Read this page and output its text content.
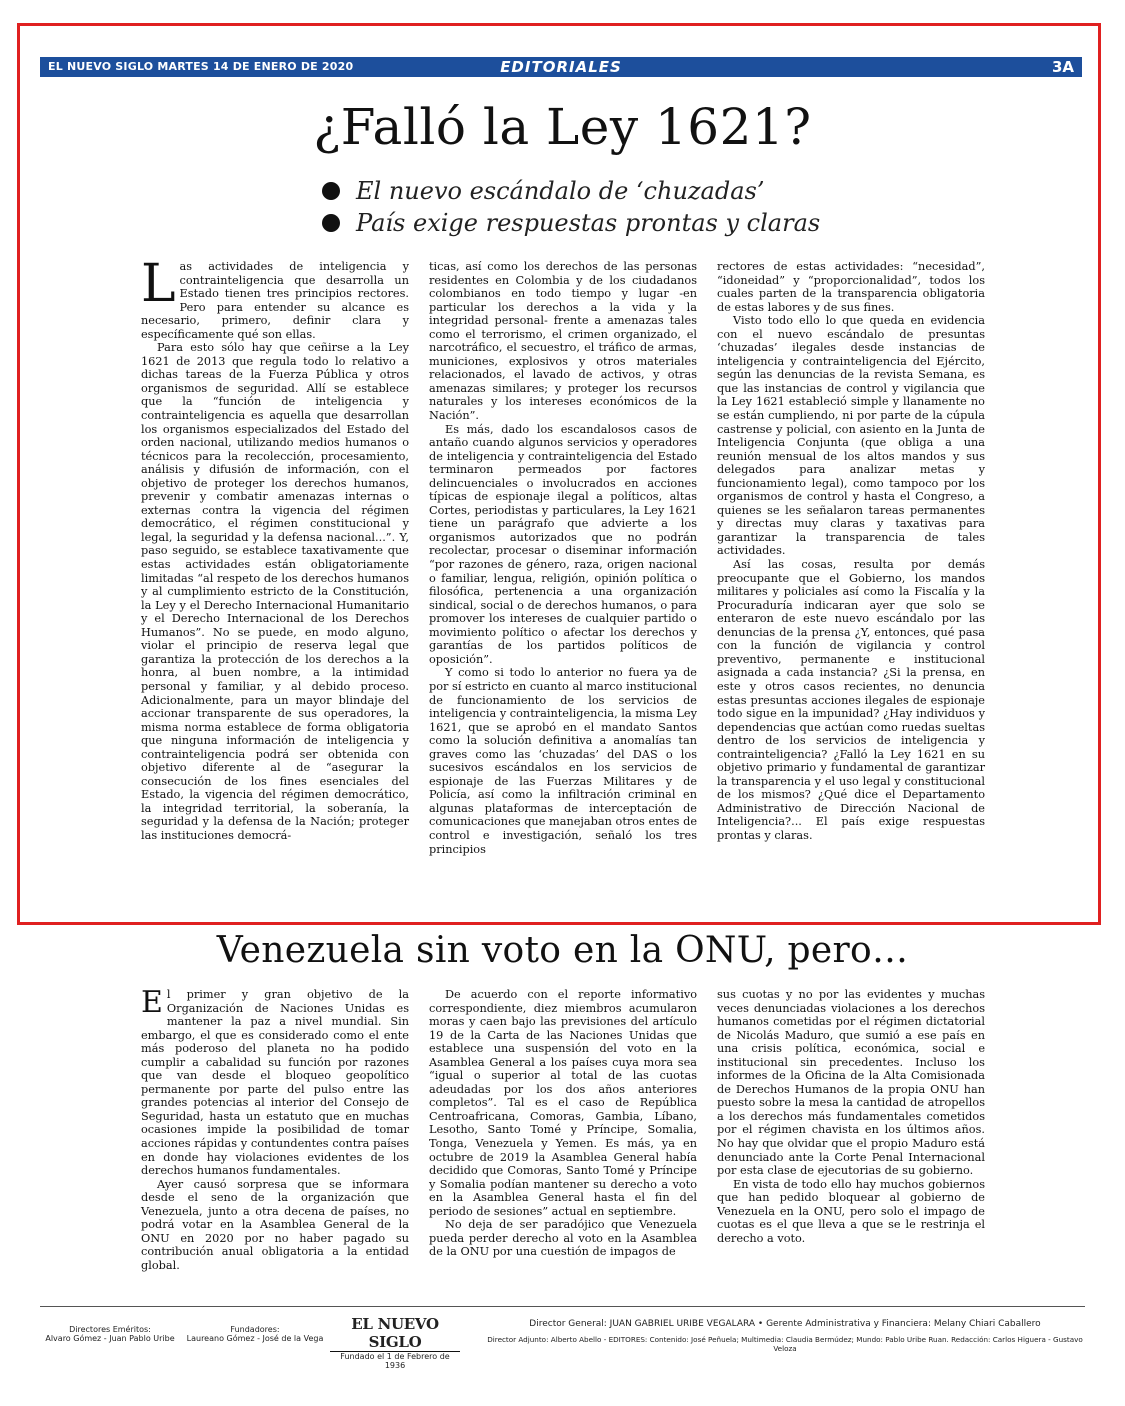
EL NUEVO SIGLO MARTES 14 DE ENERO DE 2020	EDITORIALES	3A
¿Falló la Ley 1621?
El nuevo escándalo de ‘chuzadas’
País exige respuestas prontas y claras

Las actividades de inteligencia y contrainteligencia que desarrolla un Estado tienen tres principios rectores. Pero para entender su alcance es necesario, primero, definir clara y específicamente qué son ellas.

Para esto sólo hay que ceñirse a la Ley 1621 de 2013 que regula todo lo relativo a dichas tareas de la Fuerza Pública y otros organismos de seguridad. Allí se establece que la “función de inteligencia y contrainteligencia es aquella que desarrollan los organismos especializados del Estado del orden nacional, utilizando medios humanos o técnicos para la recolección, procesamiento, análisis y difusión de información, con el objetivo de proteger los derechos humanos, prevenir y combatir amenazas internas o externas contra la vigencia del régimen democrático, el régimen constitucional y legal, la seguridad y la defensa nacional...”. Y, paso seguido, se establece taxativamente que estas actividades están obligatoriamente limitadas “al respeto de los derechos humanos y al cumplimiento estricto de la Constitución, la Ley y el Derecho Internacional Humanitario y el Derecho Internacional de los Derechos Humanos”. No se puede, en modo alguno, violar el principio de reserva legal que garantiza la protección de los derechos a la honra, al buen nombre, a la intimidad personal y familiar, y al debido proceso. Adicionalmente, para un mayor blindaje del accionar transparente de sus operadores, la misma norma establece de forma obligatoria que ninguna información de inteligencia y contrainteligencia podrá ser obtenida con objetivo diferente al de “asegurar la consecución de los fines esenciales del Estado, la vigencia del régimen democrático, la integridad territorial, la soberanía, la seguridad y la defensa de la Nación; proteger las instituciones democrá-

ticas, así como los derechos de las personas residentes en Colombia y de los ciudadanos colombianos en todo tiempo y lugar -en particular los derechos a la vida y la integridad personal- frente a amenazas tales como el terrorismo, el crimen organizado, el narcotráfico, el secuestro, el tráfico de armas, municiones, explosivos y otros materiales relacionados, el lavado de activos, y otras amenazas similares; y proteger los recursos naturales y los intereses económicos de la Nación”.

Es más, dado los escandalosos casos de antaño cuando algunos servicios y operadores de inteligencia y contrainteligencia del Estado terminaron permeados por factores delincuenciales o involucrados en acciones típicas de espionaje ilegal a políticos, altas Cortes, periodistas y particulares, la Ley 1621 tiene un parágrafo que advierte a los organismos autorizados que no podrán recolectar, procesar o diseminar información “por razones de género, raza, origen nacional o familiar, lengua, religión, opinión política o filosófica, pertenencia a una organización sindical, social o de derechos humanos, o para promover los intereses de cualquier partido o movimiento político o afectar los derechos y garantías de los partidos políticos de oposición”.

Y como si todo lo anterior no fuera ya de por sí estricto en cuanto al marco institucional de funcionamiento de los servicios de inteligencia y contrainteligencia, la misma Ley 1621, que se aprobó en el mandato Santos como la solución definitiva a anomalías tan graves como las ‘chuzadas’ del DAS o los sucesivos escándalos en los servicios de espionaje de las Fuerzas Militares y de Policía, así como la infiltración criminal en algunas plataformas de interceptación de comunicaciones que manejaban otros entes de control e investigación, señaló los tres principios

rectores de estas actividades: “necesidad”, “idoneidad” y “proporcionalidad”, todos los cuales parten de la transparencia obligatoria de estas labores y de sus fines.

Visto todo ello lo que queda en evidencia con el nuevo escándalo de presuntas ‘chuzadas’ ilegales desde instancias de inteligencia y contrainteligencia del Ejército, según las denuncias de la revista Semana, es que las instancias de control y vigilancia que la Ley 1621 estableció simple y llanamente no se están cumpliendo, ni por parte de la cúpula castrense y policial, con asiento en la Junta de Inteligencia Conjunta (que obliga a una reunión mensual de los altos mandos y sus delegados para analizar metas y funcionamiento legal), como tampoco por los organismos de control y hasta el Congreso, a quienes se les señalaron tareas permanentes y directas muy claras y taxativas para garantizar la transparencia de tales actividades.

Así las cosas, resulta por demás preocupante que el Gobierno, los mandos militares y policiales así como la Fiscalía y la Procuraduría indicaran ayer que solo se enteraron de este nuevo escándalo por las denuncias de la prensa ¿Y, entonces, qué pasa con la función de vigilancia y control preventivo, permanente e institucional asignada a cada instancia? ¿Si la prensa, en este y otros casos recientes, no denuncia estas presuntas acciones ilegales de espionaje todo sigue en la impunidad? ¿Hay individuos y dependencias que actúan como ruedas sueltas dentro de los servicios de inteligencia y contrainteligencia? ¿Falló la Ley 1621 en su objetivo primario y fundamental de garantizar la transparencia y el uso legal y constitucional de los mismos? ¿Qué dice el Departamento Administrativo de Dirección Nacional de Inteligencia?... El país exige respuestas prontas y claras.

Venezuela sin voto en la ONU, pero…

El primer y gran objetivo de la Organización de Naciones Unidas es mantener la paz a nivel mundial. Sin embargo, el que es considerado como el ente más poderoso del planeta no ha podido cumplir a cabalidad su función por razones que van desde el bloqueo geopolítico permanente por parte del pulso entre las grandes potencias al interior del Consejo de Seguridad, hasta un estatuto que en muchas ocasiones impide la posibilidad de tomar acciones rápidas y contundentes contra países en donde hay violaciones evidentes de los derechos humanos fundamentales.

Ayer causó sorpresa que se informara desde el seno de la organización que Venezuela, junto a otra decena de países, no podrá votar en la Asamblea General de la ONU en 2020 por no haber pagado su contribución anual obligatoria a la entidad global.

De acuerdo con el reporte informativo correspondiente, diez miembros acumularon moras y caen bajo las previsiones del artículo 19 de la Carta de las Naciones Unidas que establece una suspensión del voto en la Asamblea General a los países cuya mora sea “igual o superior al total de las cuotas adeudadas por los dos años anteriores completos”. Tal es el caso de República Centroafricana, Comoras, Gambia, Líbano, Lesotho, Santo Tomé y Príncipe, Somalia, Tonga, Venezuela y Yemen. Es más, ya en octubre de 2019 la Asamblea General había decidido que Comoras, Santo Tomé y Príncipe y Somalia podían mantener su derecho a voto en la Asamblea General hasta el fin del periodo de sesiones” actual en septiembre.

No deja de ser paradójico que Venezuela pueda perder derecho al voto en la Asamblea de la ONU por una cuestión de impagos de

sus cuotas y no por las evidentes y muchas veces denunciadas violaciones a los derechos humanos cometidas por el régimen dictatorial de Nicolás Maduro, que sumió a ese país en una crisis política, económica, social e institucional sin precedentes. Incluso los informes de la Oficina de la Alta Comisionada de Derechos Humanos de la propia ONU han puesto sobre la mesa la cantidad de atropellos a los derechos más fundamentales cometidos por el régimen chavista en los últimos años. No hay que olvidar que el propio Maduro está denunciado ante la Corte Penal Internacional por esta clase de ejecutorias de su gobierno.

En vista de todo ello hay muchos gobiernos que han pedido bloquear al gobierno de Venezuela en la ONU, pero solo el impago de cuotas es el que lleva a que se le restrinja el derecho a voto.

Directores Eméritos:
Alvaro Gómez - Juan Pablo Uribe
Fundadores:
Laureano Gómez - José de la Vega
EL NUEVO SIGLO
Fundado el 1 de Febrero de 1936
Director General: JUAN GABRIEL URIBE VEGALARA • Gerente Administrativa y Financiera: Melany Chiari Caballero
Director Adjunto: Alberto Abello - EDITORES: Contenido: José Peñuela; Multimedia: Claudia Bermúdez; Mundo: Pablo Uribe Ruan. Redacción: Carlos Higuera - Gustavo Veloza
